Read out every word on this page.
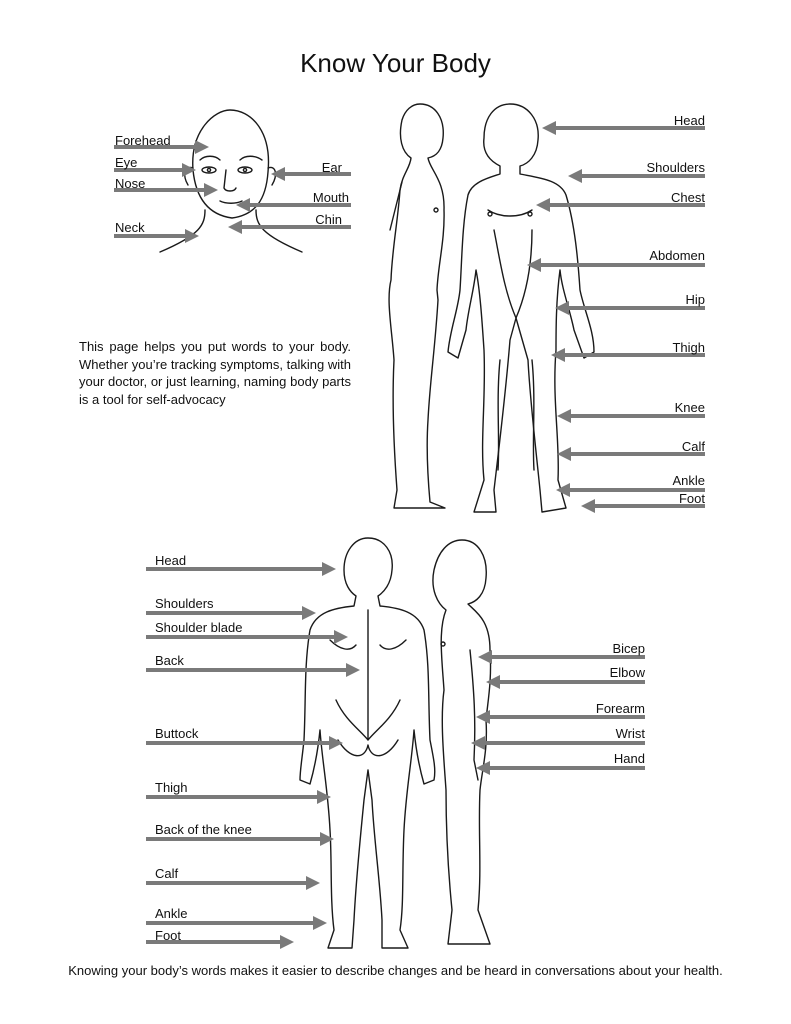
Know Your Body
Forehead
Eye
Nose
Neck
Ear
Mouth
Chin
Head
Shoulders
Chest
Abdomen
Hip
Thigh
Knee
Calf
Ankle
Foot
This page helps you put words to your body. Whether you’re tracking symptoms, talking with your doctor, or just learning, naming body parts is a tool for self-advocacy
Head
Shoulders
Shoulder blade
Back
Buttock
Thigh
Back of the knee
Calf
Ankle
Foot
Bicep
Elbow
Forearm
Wrist
Hand
Knowing your body’s words makes it easier to describe changes and be heard in conversations about your health.
